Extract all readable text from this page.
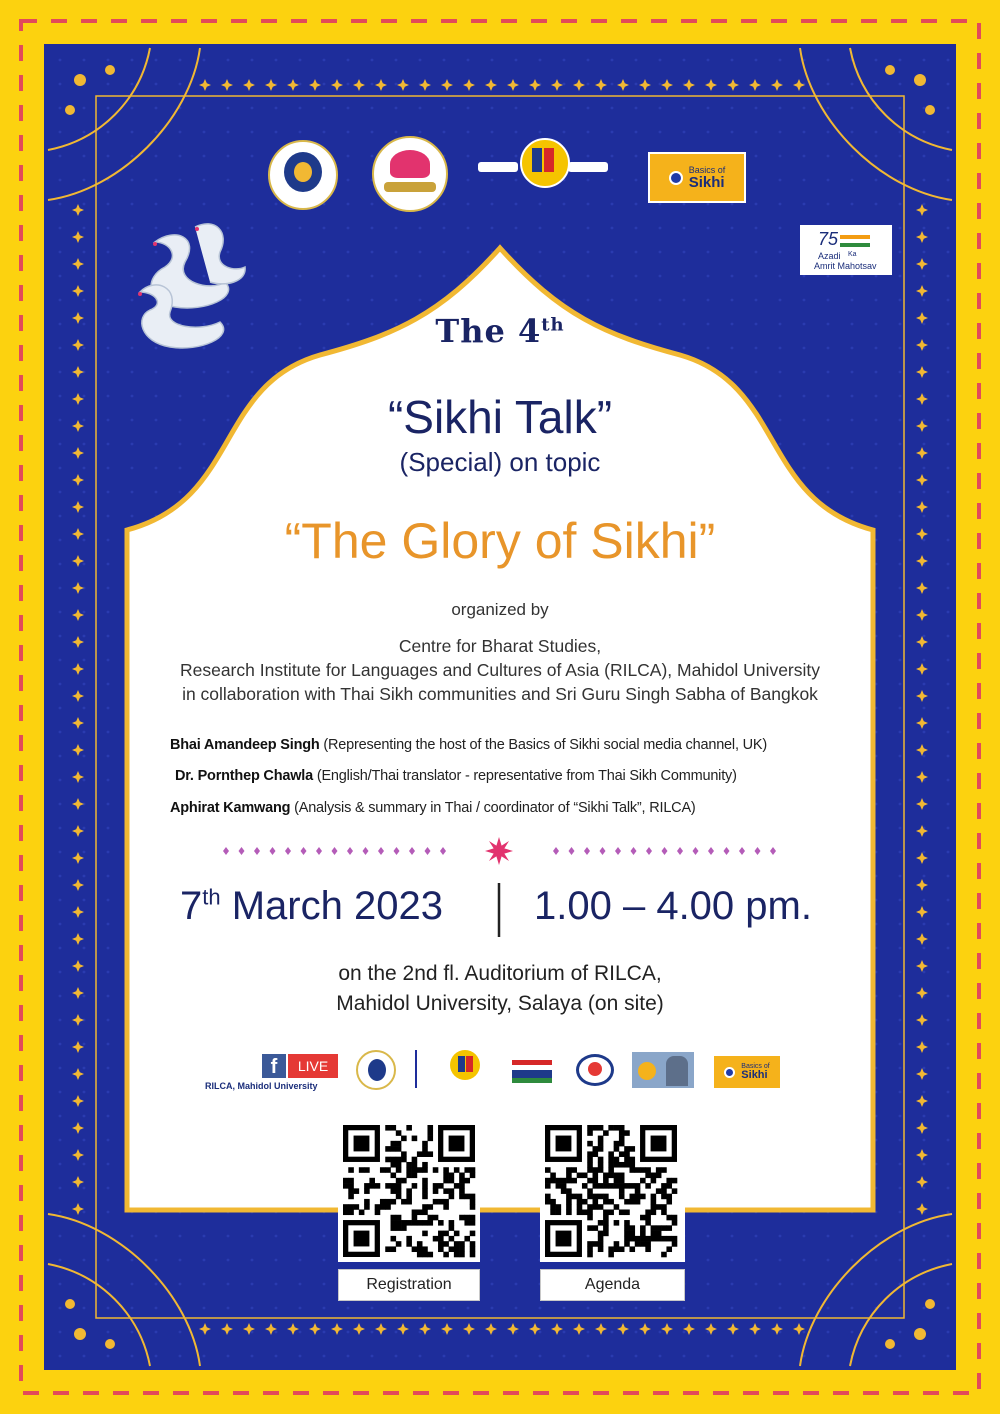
Basics of
Sikhi
75
Azadi Ka
Amrit Mahotsav
The 4th
“Sikhi Talk”
(Special) on topic
“The Glory of Sikhi”
organized by
Centre for Bharat Studies,
Research Institute for Languages and Cultures of Asia (RILCA), Mahidol University
in collaboration with Thai Sikh communities and Sri Guru Singh Sabha of Bangkok
Bhai Amandeep Singh (Representing the host of the Basics of Sikhi social media channel, UK)
Dr. Pornthep Chawla (English/Thai translator - representative from Thai Sikh Community)
Aphirat Kamwang (Analysis & summary in Thai / coordinator of “Sikhi Talk”, RILCA)
7th March 2023 1.00 – 4.00 pm.
on the 2nd fl. Auditorium of RILCA,
Mahidol University, Salaya (on site)
f	LIVE
RILCA, Mahidol University
Basics of
Sikhi
Registration	Agenda
